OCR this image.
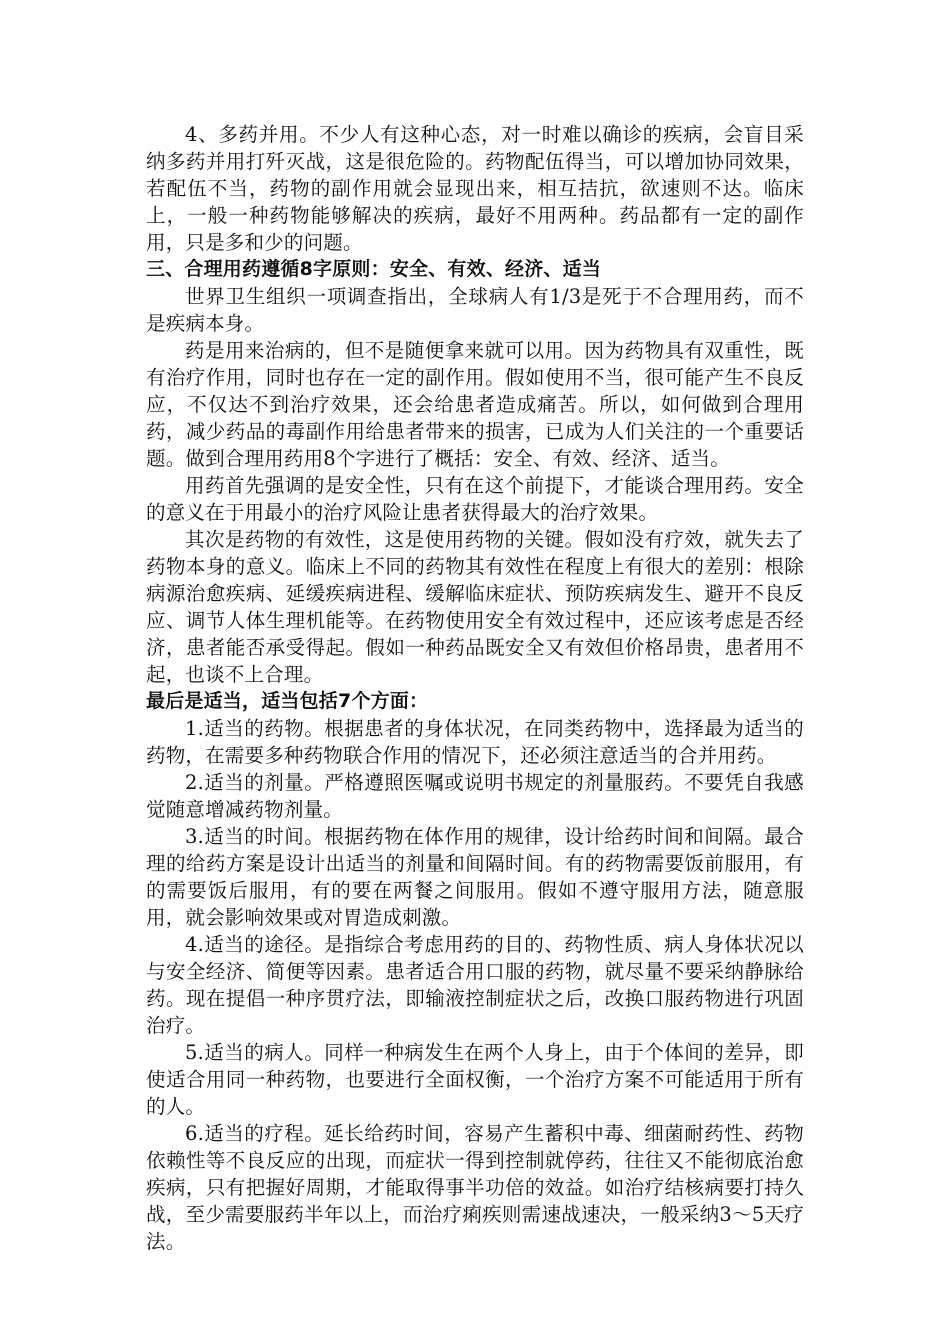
4、多药并用。不少人有这种心态，对一时难以确诊的疾病，会盲目采纳多药并用打歼灭战，这是很危险的。药物配伍得当，可以增加协同效果，若配伍不当，药物的副作用就会显现出来，相互拮抗，欲速则不达。临床上，一般一种药物能够解决的疾病，最好不用两种。药品都有一定的副作用，只是多和少的问题。

三、合理用药遵循8字原则：安全、有效、经济、适当

世界卫生组织一项调查指出，全球病人有1/3是死于不合理用药，而不是疾病本身。

药是用来治病的，但不是随便拿来就可以用。因为药物具有双重性，既有治疗作用，同时也存在一定的副作用。假如使用不当，很可能产生不良反应，不仅达不到治疗效果，还会给患者造成痛苦。所以，如何做到合理用药，减少药品的毒副作用给患者带来的损害，已成为人们关注的一个重要话题。做到合理用药用8个字进行了概括：安全、有效、经济、适当。

用药首先强调的是安全性，只有在这个前提下，才能谈合理用药。安全的意义在于用最小的治疗风险让患者获得最大的治疗效果。

其次是药物的有效性，这是使用药物的关键。假如没有疗效，就失去了药物本身的意义。临床上不同的药物其有效性在程度上有很大的差别：根除病源治愈疾病、延缓疾病进程、缓解临床症状、预防疾病发生、避开不良反应、调节人体生理机能等。在药物使用安全有效过程中，还应该考虑是否经济，患者能否承受得起。假如一种药品既安全又有效但价格昂贵，患者用不起，也谈不上合理。

最后是适当，适当包括7个方面：

1.适当的药物。根据患者的身体状况，在同类药物中，选择最为适当的药物，在需要多种药物联合作用的情况下，还必须注意适当的合并用药。

2.适当的剂量。严格遵照医嘱或说明书规定的剂量服药。不要凭自我感觉随意增减药物剂量。

3.适当的时间。根据药物在体作用的规律，设计给药时间和间隔。最合理的给药方案是设计出适当的剂量和间隔时间。有的药物需要饭前服用，有的需要饭后服用，有的要在两餐之间服用。假如不遵守服用方法，随意服用，就会影响效果或对胃造成刺激。

4.适当的途径。是指综合考虑用药的目的、药物性质、病人身体状况以与安全经济、简便等因素。患者适合用口服的药物，就尽量不要采纳静脉给药。现在提倡一种序贯疗法，即输液控制症状之后，改换口服药物进行巩固治疗。

5.适当的病人。同样一种病发生在两个人身上，由于个体间的差异，即使适合用同一种药物，也要进行全面权衡，一个治疗方案不可能适用于所有的人。

6.适当的疗程。延长给药时间，容易产生蓄积中毒、细菌耐药性、药物依赖性等不良反应的出现，而症状一得到控制就停药，往往又不能彻底治愈疾病，只有把握好周期，才能取得事半功倍的效益。如治疗结核病要打持久战，至少需要服药半年以上，而治疗痢疾则需速战速决，一般采纳3～5天疗法。
